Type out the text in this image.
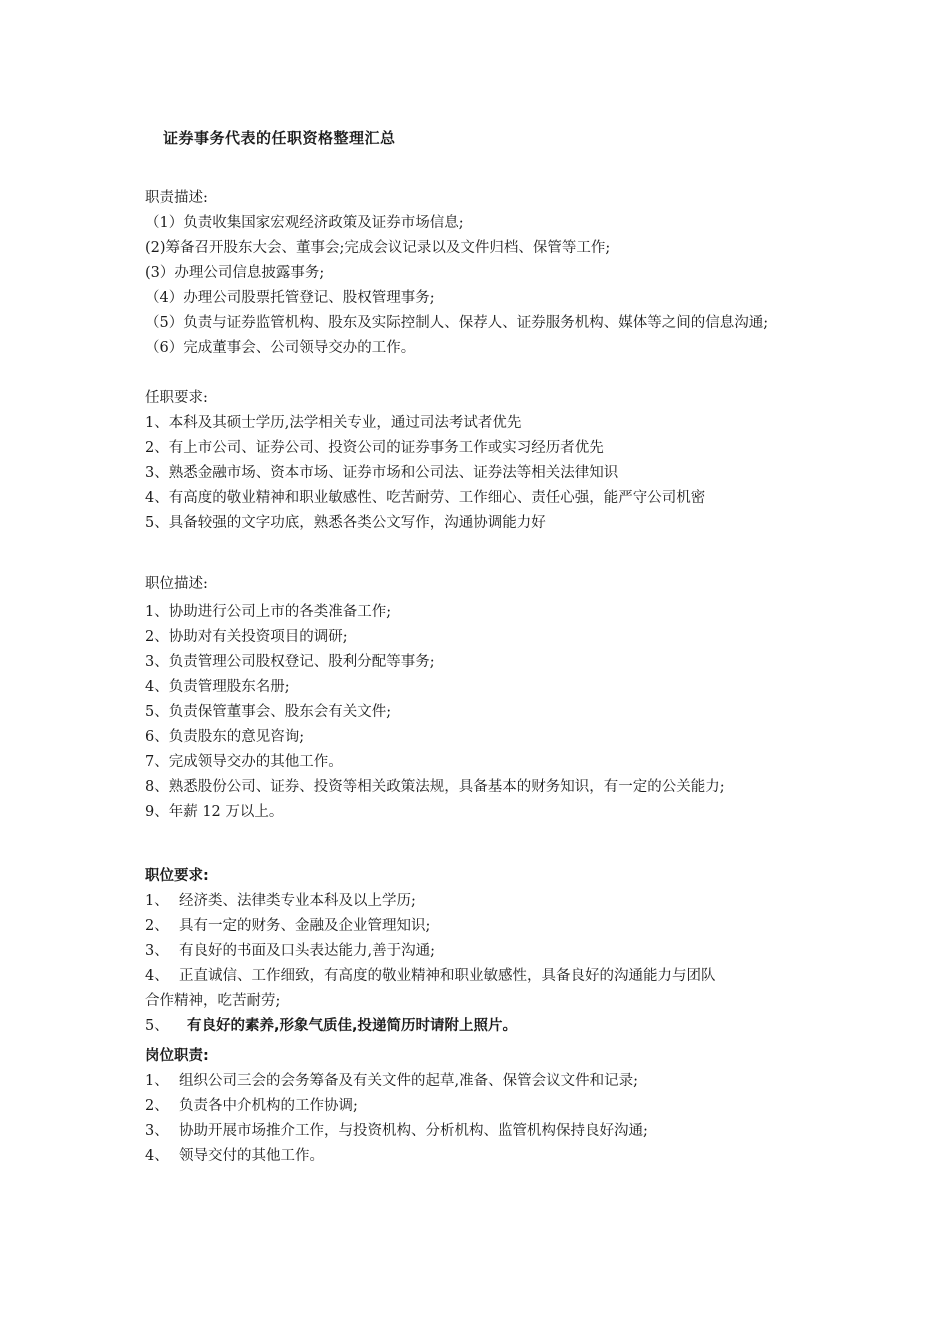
证券事务代表的任职资格整理汇总
职责描述:
（1）负责收集国家宏观经济政策及证券市场信息;
(2)筹备召开股东大会、董事会;完成会议记录以及文件归档、保管等工作;
(3）办理公司信息披露事务;
（4）办理公司股票托管登记、股权管理事务;
（5）负责与证券监管机构、股东及实际控制人、保荐人、证券服务机构、媒体等之间的信息沟通;
（6）完成董事会、公司领导交办的工作。
任职要求:
1、本科及其硕士学历,法学相关专业，通过司法考试者优先
2、有上市公司、证券公司、投资公司的证券事务工作或实习经历者优先
3、熟悉金融市场、资本市场、证券市场和公司法、证券法等相关法律知识
4、有高度的敬业精神和职业敏感性、吃苦耐劳、工作细心、责任心强，能严守公司机密
5、具备较强的文字功底，熟悉各类公文写作，沟通协调能力好
职位描述:
1、协助进行公司上市的各类准备工作;
2、协助对有关投资项目的调研;
3、负责管理公司股权登记、股利分配等事务;
4、负责管理股东名册;
5、负责保管董事会、股东会有关文件;
6、负责股东的意见咨询;
7、完成领导交办的其他工作。
8、熟悉股份公司、证券、投资等相关政策法规，具备基本的财务知识，有一定的公关能力;
9、年薪 12 万以上。
职位要求:
1、 经济类、法律类专业本科及以上学历;
2、 具有一定的财务、金融及企业管理知识;
3、 有良好的书面及口头表达能力,善于沟通;
4、 正直诚信、工作细致，有高度的敬业精神和职业敏感性，具备良好的沟通能力与团队
合作精神，吃苦耐劳;
5、 有良好的素养,形象气质佳,投递简历时请附上照片。
岗位职责:
1、 组织公司三会的会务筹备及有关文件的起草,准备、保管会议文件和记录;
2、 负责各中介机构的工作协调;
3、 协助开展市场推介工作，与投资机构、分析机构、监管机构保持良好沟通;
4、 领导交付的其他工作。
